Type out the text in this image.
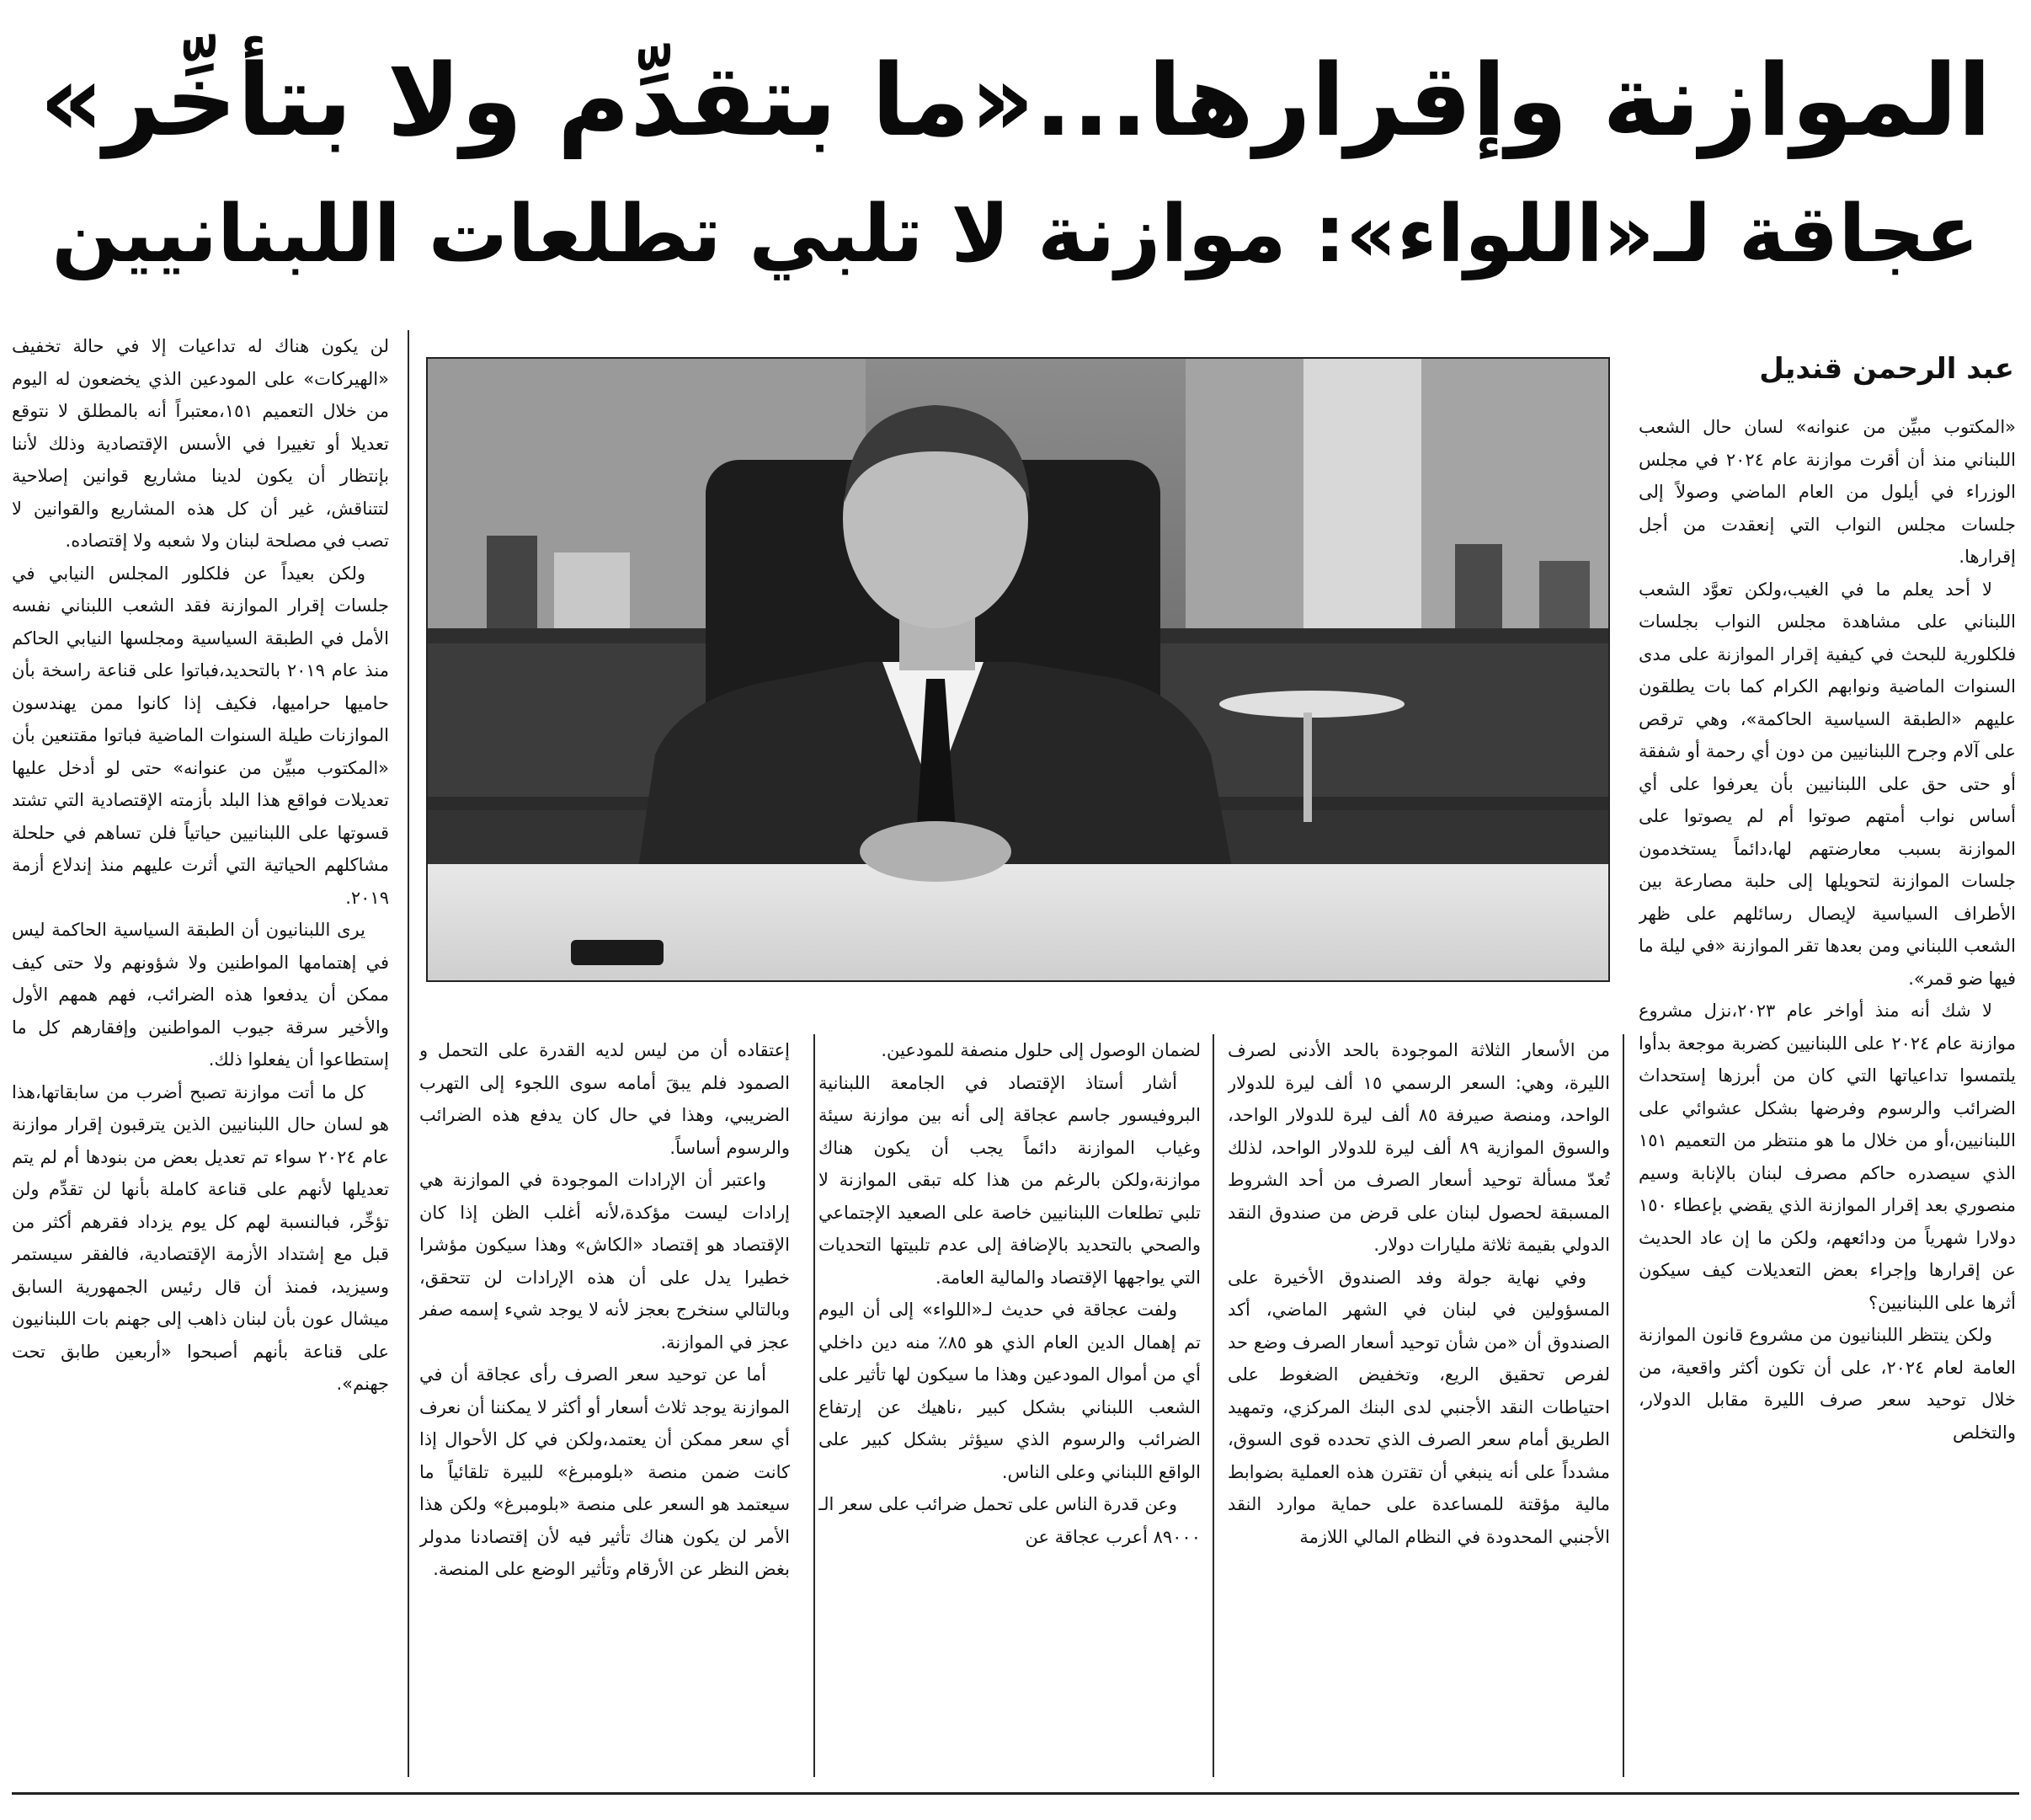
الموازنة وإقرارها...«ما بتقدِّم ولا بتأخِّر»
عجاقة لـ«اللواء»: موازنة لا تلبي تطلعات اللبنانيين
عبد الرحمن قنديل

«المكتوب مبيِّن من عنوانه» لسان حال الشعب اللبناني منذ أن أقرت موازنة عام ٢٠٢٤ في مجلس الوزراء في أيلول من العام الماضي وصولاً إلى جلسات مجلس النواب التي إنعقدت من أجل إقرارها.

لا أحد يعلم ما في الغيب،ولكن تعوَّد الشعب اللبناني على مشاهدة مجلس النواب بجلسات فلكلورية للبحث في كيفية إقرار الموازنة على مدى السنوات الماضية ونوابهم الكرام كما بات يطلقون عليهم «الطبقة السياسية الحاكمة»، وهي ترقص على آلام وجرح اللبنانيين من دون أي رحمة أو شفقة أو حتى حق على اللبنانيين بأن يعرفوا على أي أساس نواب أمتهم صوتوا أم لم يصوتوا على الموازنة بسبب معارضتهم لها،دائماً يستخدمون جلسات الموازنة لتحويلها إلى حلبة مصارعة بين الأطراف السياسية لإيصال رسائلهم على ظهر الشعب اللبناني ومن بعدها تقر الموازنة «في ليلة ما فيها ضو قمر».

لا شك أنه منذ أواخر عام ٢٠٢٣،نزل مشروع موازنة عام ٢٠٢٤ على اللبنانيين كضربة موجعة بدأوا يلتمسوا تداعياتها التي كان من أبرزها إستحداث الضرائب والرسوم وفرضها بشكل عشوائي على اللبنانيين،أو من خلال ما هو منتظر من التعميم ١٥١ الذي سيصدره حاكم مصرف لبنان بالإنابة وسيم منصوري بعد إقرار الموازنة الذي يقضي بإعطاء ١٥٠ دولارا شهرياً من ودائعهم، ولكن ما إن عاد الحديث عن إقرارها وإجراء بعض التعديلات كيف سيكون أثرها على اللبنانيين؟

ولكن ينتظر اللبنانيون من مشروع قانون الموازنة العامة لعام ٢٠٢٤، على أن تكون أكثر واقعية، من خلال توحيد سعر صرف الليرة مقابل الدولار، والتخلص

من الأسعار الثلاثة الموجودة بالحد الأدنى لصرف الليرة، وهي: السعر الرسمي ١٥ ألف ليرة للدولار الواحد، ومنصة صيرفة ٨٥ ألف ليرة للدولار الواحد، والسوق الموازية ٨٩ ألف ليرة للدولار الواحد، لذلك تُعدّ مسألة توحيد أسعار الصرف من أحد الشروط المسبقة لحصول لبنان على قرض من صندوق النقد الدولي بقيمة ثلاثة مليارات دولار.

وفي نهاية جولة وفد الصندوق الأخيرة على المسؤولين في لبنان في الشهر الماضي، أكد الصندوق أن «من شأن توحيد أسعار الصرف وضع حد لفرص تحقيق الريع، وتخفيض الضغوط على احتياطات النقد الأجنبي لدى البنك المركزي، وتمهيد الطريق أمام سعر الصرف الذي تحدده قوى السوق، مشدداً على أنه ينبغي أن تقترن هذه العملية بضوابط مالية مؤقتة للمساعدة على حماية موارد النقد الأجنبي المحدودة في النظام المالي اللازمة

لضمان الوصول إلى حلول منصفة للمودعين.

أشار أستاذ الإقتصاد في الجامعة اللبنانية البروفيسور جاسم عجاقة إلى أنه بين موازنة سيئة وغياب الموازنة دائماً يجب أن يكون هناك موازنة،ولكن بالرغم من هذا كله تبقى الموازنة لا تلبي تطلعات اللبنانيين خاصة على الصعيد الإجتماعي والصحي بالتحديد بالإضافة إلى عدم تلبيتها التحديات التي يواجهها الإقتصاد والمالية العامة.

ولفت عجاقة في حديث لـ«اللواء» إلى أن اليوم تم إهمال الدين العام الذي هو ٨٥٪ منه دين داخلي أي من أموال المودعين وهذا ما سيكون لها تأثير على الشعب اللبناني بشكل كبير ،ناهيك عن إرتفاع الضرائب والرسوم الذي سيؤثر بشكل كبير على الواقع اللبناني وعلى الناس.

وعن قدرة الناس على تحمل ضرائب على سعر الـ ٨٩٠٠٠ أعرب عجاقة عن

إعتقاده أن من ليس لديه القدرة على التحمل و الصمود فلم يبقَ أمامه سوى اللجوء إلى التهرب الضريبي، وهذا في حال كان يدفع هذه الضرائب والرسوم أساساً.

واعتبر أن الإرادات الموجودة في الموازنة هي إرادات ليست مؤكدة،لأنه أغلب الظن إذا كان الإقتصاد هو إقتصاد «الكاش» وهذا سيكون مؤشرا خطيرا يدل على أن هذه الإرادات لن تتحقق، وبالتالي سنخرج بعجز لأنه لا يوجد شيء إسمه صفر عجز في الموازنة.

أما عن توحيد سعر الصرف رأى عجاقة أن في الموازنة يوجد ثلاث أسعار أو أكثر لا يمكننا أن نعرف أي سعر ممكن أن يعتمد،ولكن في كل الأحوال إذا كانت ضمن منصة «بلومبرغ» للبيرة تلقائياً ما سيعتمد هو السعر على منصة «بلومبرغ» ولكن هذا الأمر لن يكون هناك تأثير فيه لأن إقتصادنا مدولر بغض النظر عن الأرقام وتأثير الوضع على المنصة.

لن يكون هناك له تداعيات إلا في حالة تخفيف «الهيركات» على المودعين الذي يخضعون له اليوم من خلال التعميم ١٥١،معتبراً أنه بالمطلق لا نتوقع تعديلا أو تغييرا في الأسس الإقتصادية وذلك لأننا بإنتظار أن يكون لدينا مشاريع قوانين إصلاحية لتتناقش، غير أن كل هذه المشاريع والقوانين لا تصب في مصلحة لبنان ولا شعبه ولا إقتصاده.

ولكن بعيداً عن فلكلور المجلس النيابي في جلسات إقرار الموازنة فقد الشعب اللبناني نفسه الأمل في الطبقة السياسية ومجلسها النيابي الحاكم منذ عام ٢٠١٩ بالتحديد،فباتوا على قناعة راسخة بأن حاميها حراميها، فكيف إذا كانوا ممن يهندسون الموازنات طيلة السنوات الماضية فباتوا مقتنعين بأن «المكتوب مبيِّن من عنوانه» حتى لو أدخل عليها تعديلات فواقع هذا البلد بأزمته الإقتصادية التي تشتد قسوتها على اللبنانيين حياتياً فلن تساهم في حلحلة مشاكلهم الحياتية التي أثرت عليهم منذ إندلاع أزمة ٢٠١٩.

يرى اللبنانيون أن الطبقة السياسية الحاكمة ليس في إهتمامها المواطنين ولا شؤونهم ولا حتى كيف ممكن أن يدفعوا هذه الضرائب، فهم همهم الأول والأخير سرقة جيوب المواطنين وإفقارهم كل ما إستطاعوا أن يفعلوا ذلك.

كل ما أتت موازنة تصبح أضرب من سابقاتها،هذا هو لسان حال اللبنانيين الذين يترقبون إقرار موازنة عام ٢٠٢٤ سواء تم تعديل بعض من بنودها أم لم يتم تعديلها لأنهم على قناعة كاملة بأنها لن تقدِّم ولن تؤخِّر، فبالنسبة لهم كل يوم يزداد فقرهم أكثر من قبل مع إشتداد الأزمة الإقتصادية، فالفقر سيستمر وسيزيد، فمنذ أن قال رئيس الجمهورية السابق ميشال عون بأن لبنان ذاهب إلى جهنم بات اللبنانيون على قناعة بأنهم أصبحوا «أربعين طابق تحت جهنم».
